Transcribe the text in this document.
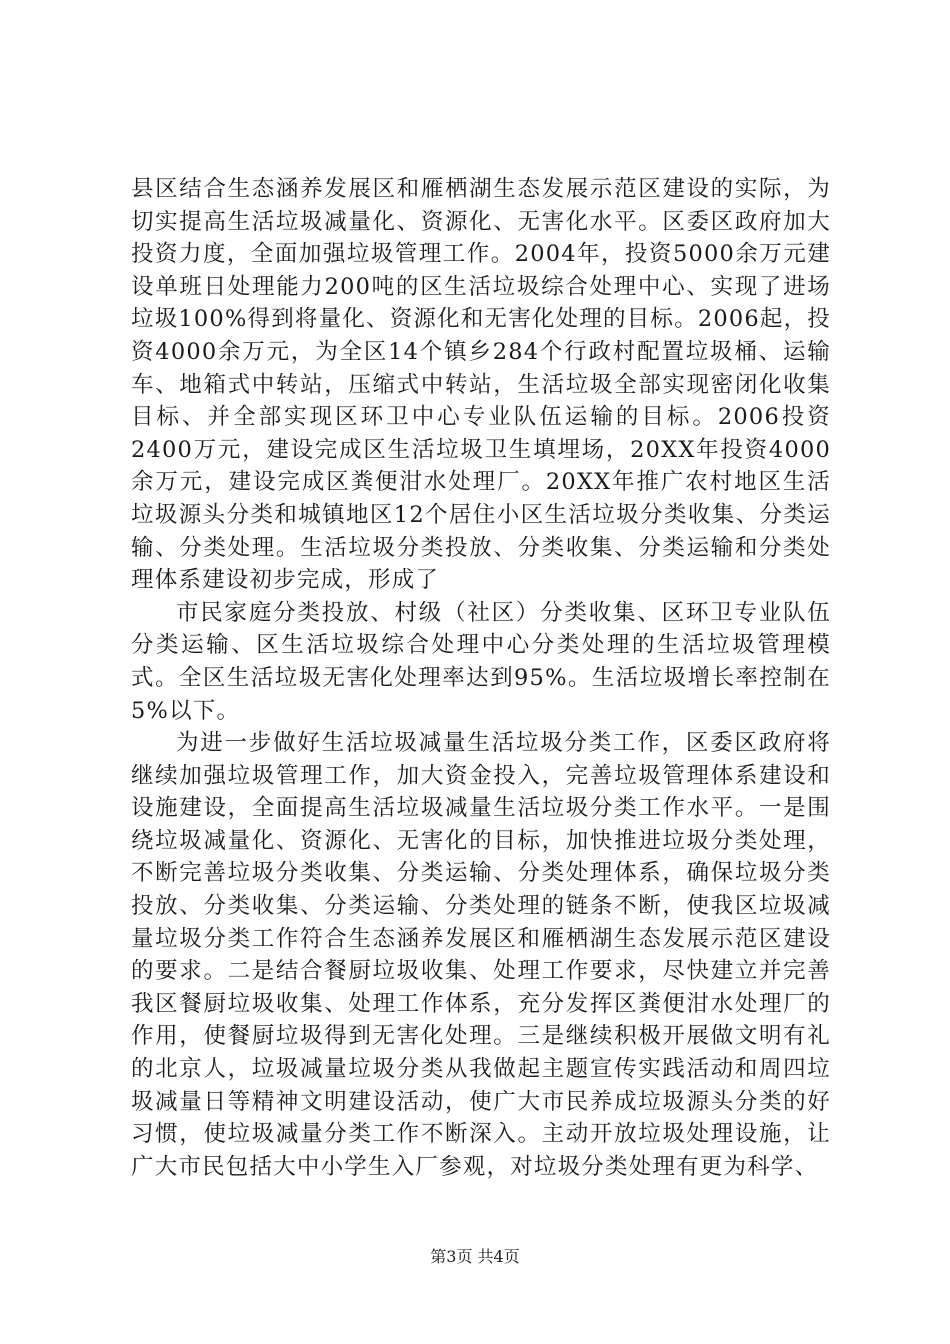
县区结合生态涵养发展区和雁栖湖生态发展示范区建设的实际，为切实提高生活垃圾减量化、资源化、无害化水平。区委区政府加大投资力度，全面加强垃圾管理工作。2004年，投资5000余万元建设单班日处理能力200吨的区生活垃圾综合处理中心、实现了进场垃圾100%得到将量化、资源化和无害化处理的目标。2006起，投资4000余万元，为全区14个镇乡284个行政村配置垃圾桶、运输车、地箱式中转站，压缩式中转站，生活垃圾全部实现密闭化收集目标、并全部实现区环卫中心专业队伍运输的目标。2006投资2400万元，建设完成区生活垃圾卫生填埋场，20XX年投资4000余万元，建设完成区粪便泔水处理厂。20XX年推广农村地区生活垃圾源头分类和城镇地区12个居住小区生活垃圾分类收集、分类运输、分类处理。生活垃圾分类投放、分类收集、分类运输和分类处理体系建设初步完成，形成了

市民家庭分类投放、村级（社区）分类收集、区环卫专业队伍分类运输、区生活垃圾综合处理中心分类处理的生活垃圾管理模式。全区生活垃圾无害化处理率达到95%。生活垃圾增长率控制在5%以下。

为进一步做好生活垃圾减量生活垃圾分类工作，区委区政府将继续加强垃圾管理工作，加大资金投入，完善垃圾管理体系建设和设施建设，全面提高生活垃圾减量生活垃圾分类工作水平。一是围绕垃圾减量化、资源化、无害化的目标，加快推进垃圾分类处理，不断完善垃圾分类收集、分类运输、分类处理体系，确保垃圾分类投放、分类收集、分类运输、分类处理的链条不断，使我区垃圾减量垃圾分类工作符合生态涵养发展区和雁栖湖生态发展示范区建设的要求。二是结合餐厨垃圾收集、处理工作要求，尽快建立并完善我区餐厨垃圾收集、处理工作体系，充分发挥区粪便泔水处理厂的作用，使餐厨垃圾得到无害化处理。三是继续积极开展做文明有礼的北京人，垃圾减量垃圾分类从我做起主题宣传实践活动和周四垃圾减量日等精神文明建设活动，使广大市民养成垃圾源头分类的好习惯，使垃圾减量分类工作不断深入。主动开放垃圾处理设施，让广大市民包括大中小学生入厂参观，对垃圾分类处理有更为科学、

第3页 共4页
